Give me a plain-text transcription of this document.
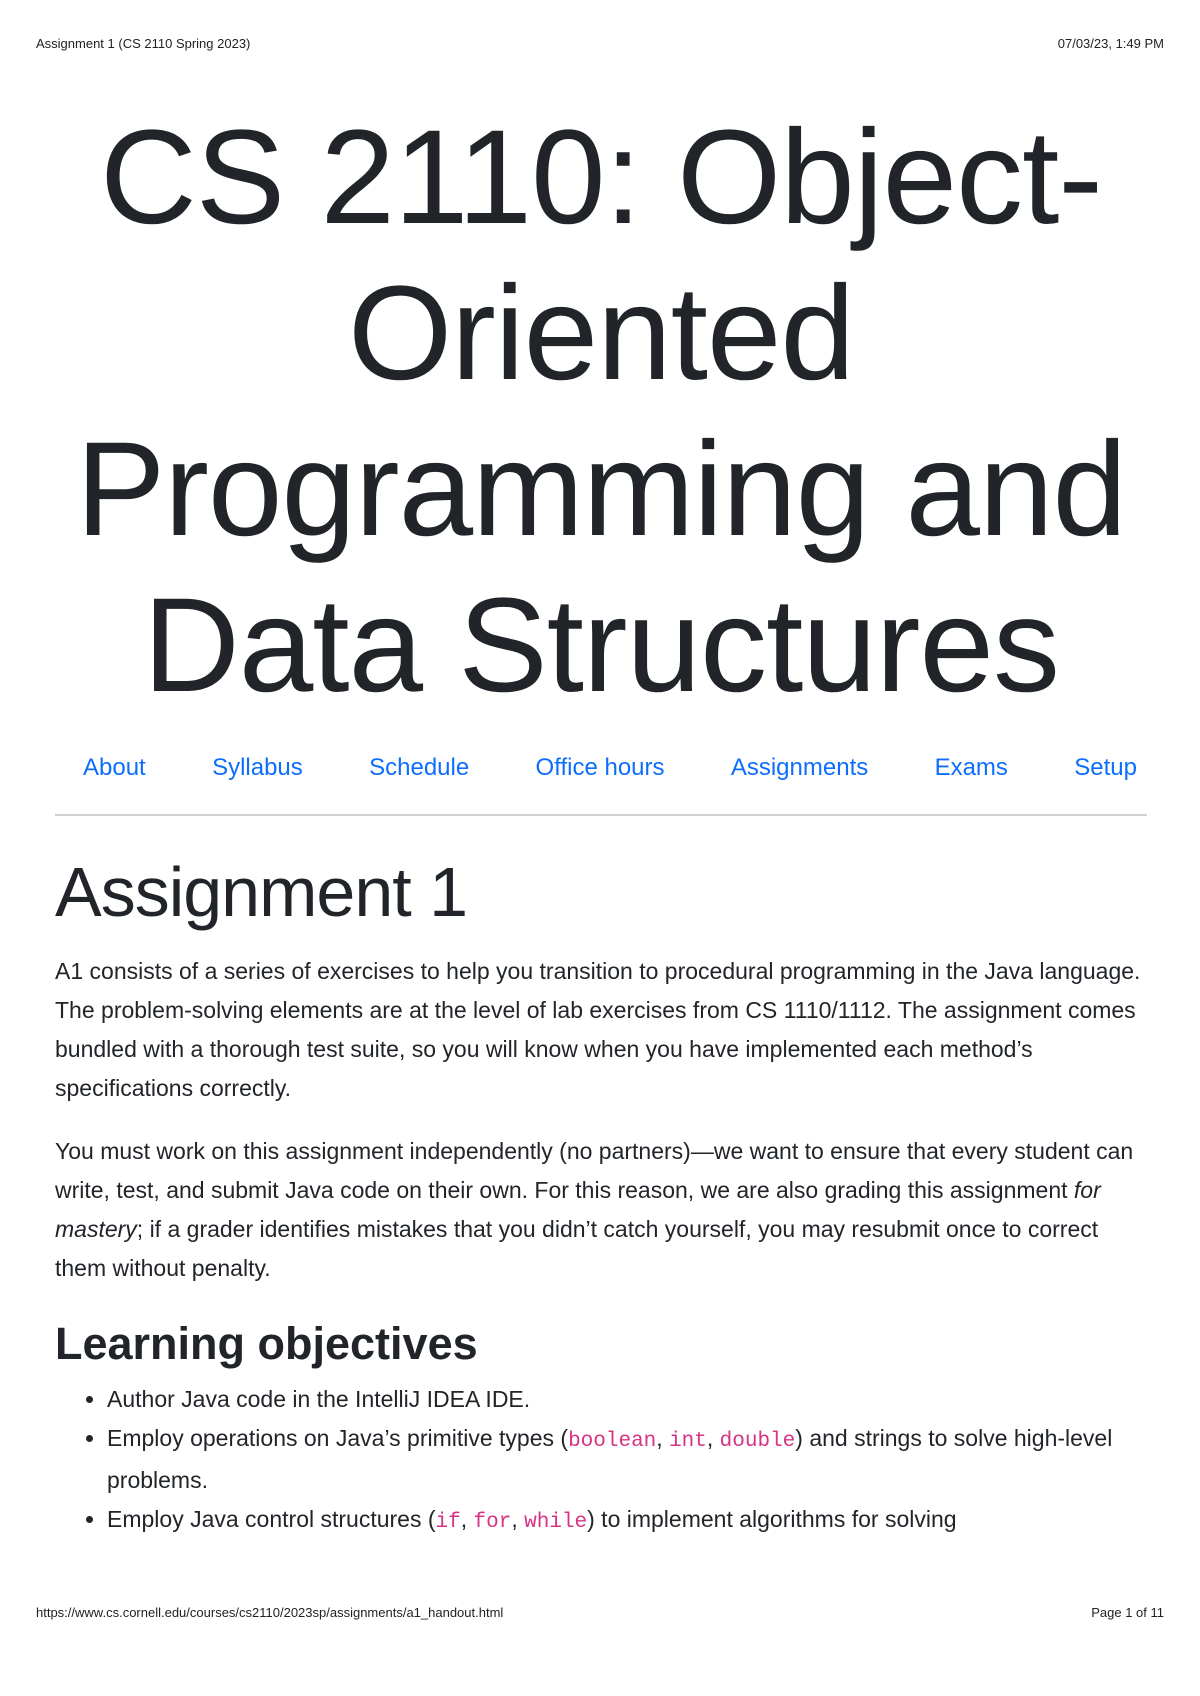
Assignment 1 (CS 2110 Spring 2023)	07/03/23, 1:49 PM
CS 2110: Object-
Oriented
Programming and
Data Structures
About	Syllabus	Schedule	Office hours	Assignments	Exams	Setup
Assignment 1

A1 consists of a series of exercises to help you transition to procedural programming in the Java language. The problem-solving elements are at the level of lab exercises from CS 1110/1112. The assignment comes bundled with a thorough test suite, so you will know when you have implemented each method’s specifications correctly.

You must work on this assignment independently (no partners)—we want to ensure that every student can write, test, and submit Java code on their own. For this reason, we are also grading this assignment for mastery; if a grader identifies mistakes that you didn’t catch yourself, you may resubmit once to correct them without penalty.

Learning objectives
• Author Java code in the IntelliJ IDEA IDE.
• Employ operations on Java’s primitive types (boolean, int, double) and strings to solve high-level problems.
• Employ Java control structures (if, for, while) to implement algorithms for solving
https://www.cs.cornell.edu/courses/cs2110/2023sp/assignments/a1_handout.html	Page 1 of 11
